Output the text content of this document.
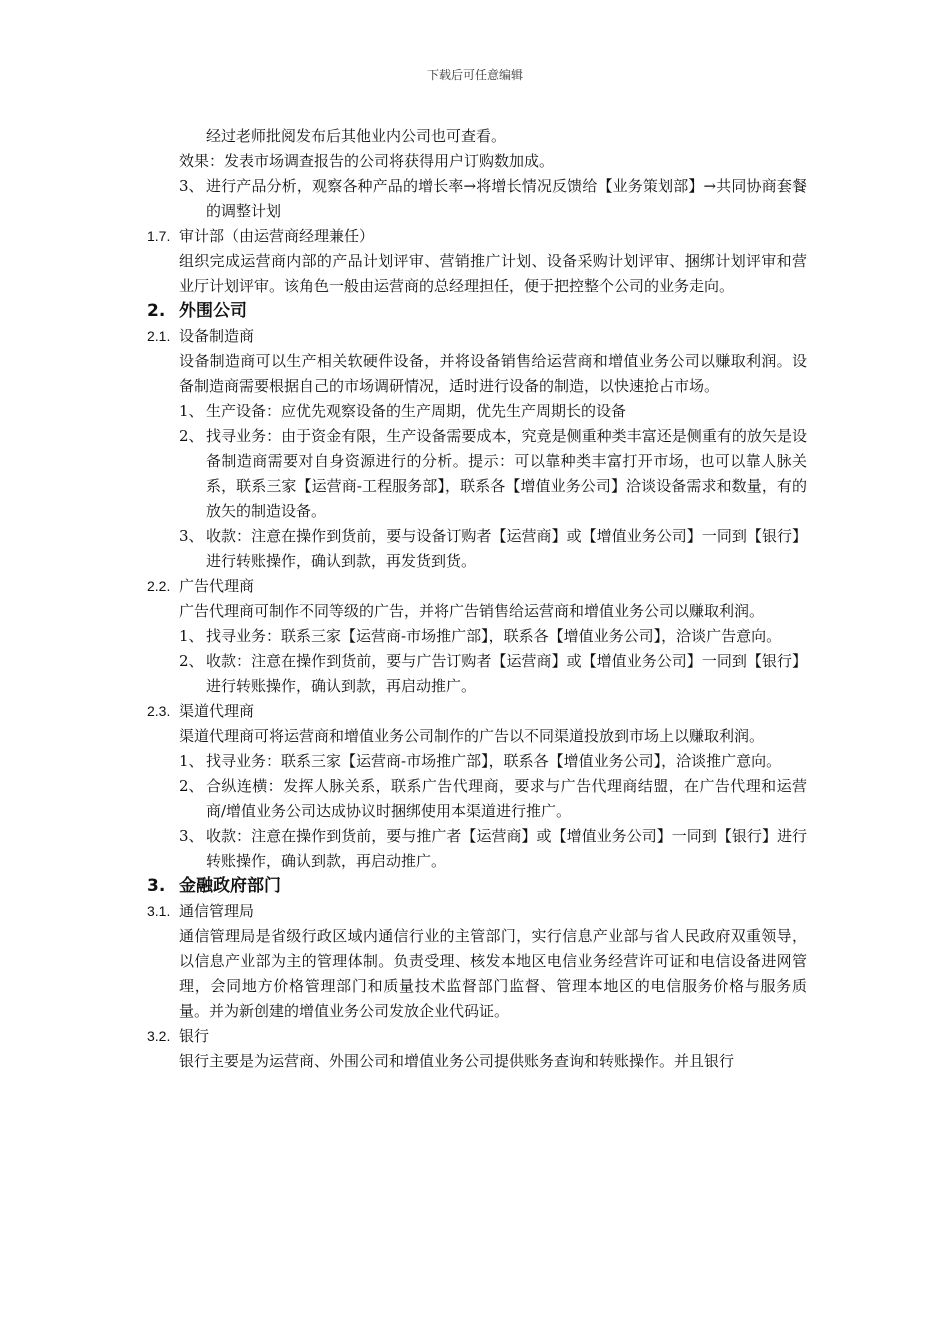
下载后可任意编辑

经过老师批阅发布后其他业内公司也可查看。

效果：发表市场调查报告的公司将获得用户订购数加成。

3、 进行产品分析，观察各种产品的增长率→将增长情况反馈给【业务策划部】→共同协商套餐的调整计划
1.7. 审计部（由运营商经理兼任）

组织完成运营商内部的产品计划评审、营销推广计划、设备采购计划评审、捆绑计划评审和营业厅计划评审。该角色一般由运营商的总经理担任，便于把控整个公司的业务走向。

2. 外围公司
2.1. 设备制造商

设备制造商可以生产相关软硬件设备，并将设备销售给运营商和增值业务公司以赚取利润。设备制造商需要根据自己的市场调研情况，适时进行设备的制造，以快速抢占市场。

1、 生产设备：应优先观察设备的生产周期，优先生产周期长的设备
2、 找寻业务：由于资金有限，生产设备需要成本，究竟是侧重种类丰富还是侧重有的放矢是设备制造商需要对自身资源进行的分析。提示：可以靠种类丰富打开市场，也可以靠人脉关系，联系三家【运营商-工程服务部】，联系各【增值业务公司】洽谈设备需求和数量，有的放矢的制造设备。
3、 收款：注意在操作到货前，要与设备订购者【运营商】或【增值业务公司】一同到【银行】进行转账操作，确认到款，再发货到货。
2.2. 广告代理商

广告代理商可制作不同等级的广告，并将广告销售给运营商和增值业务公司以赚取利润。

1、 找寻业务：联系三家【运营商-市场推广部】，联系各【增值业务公司】，洽谈广告意向。
2、 收款：注意在操作到货前，要与广告订购者【运营商】或【增值业务公司】一同到【银行】进行转账操作，确认到款，再启动推广。
2.3. 渠道代理商

渠道代理商可将运营商和增值业务公司制作的广告以不同渠道投放到市场上以赚取利润。

1、 找寻业务：联系三家【运营商-市场推广部】，联系各【增值业务公司】，洽谈推广意向。
2、 合纵连横：发挥人脉关系，联系广告代理商，要求与广告代理商结盟，在广告代理和运营商/增值业务公司达成协议时捆绑使用本渠道进行推广。
3、 收款：注意在操作到货前，要与推广者【运营商】或【增值业务公司】一同到【银行】进行转账操作，确认到款，再启动推广。
3. 金融政府部门
3.1. 通信管理局

通信管理局是省级行政区域内通信行业的主管部门，实行信息产业部与省人民政府双重领导，以信息产业部为主的管理体制。负责受理、核发本地区电信业务经营许可证和电信设备进网管理，会同地方价格管理部门和质量技术监督部门监督、管理本地区的电信服务价格与服务质量。并为新创建的增值业务公司发放企业代码证。

3.2. 银行

银行主要是为运营商、外围公司和增值业务公司提供账务查询和转账操作。并且银行
